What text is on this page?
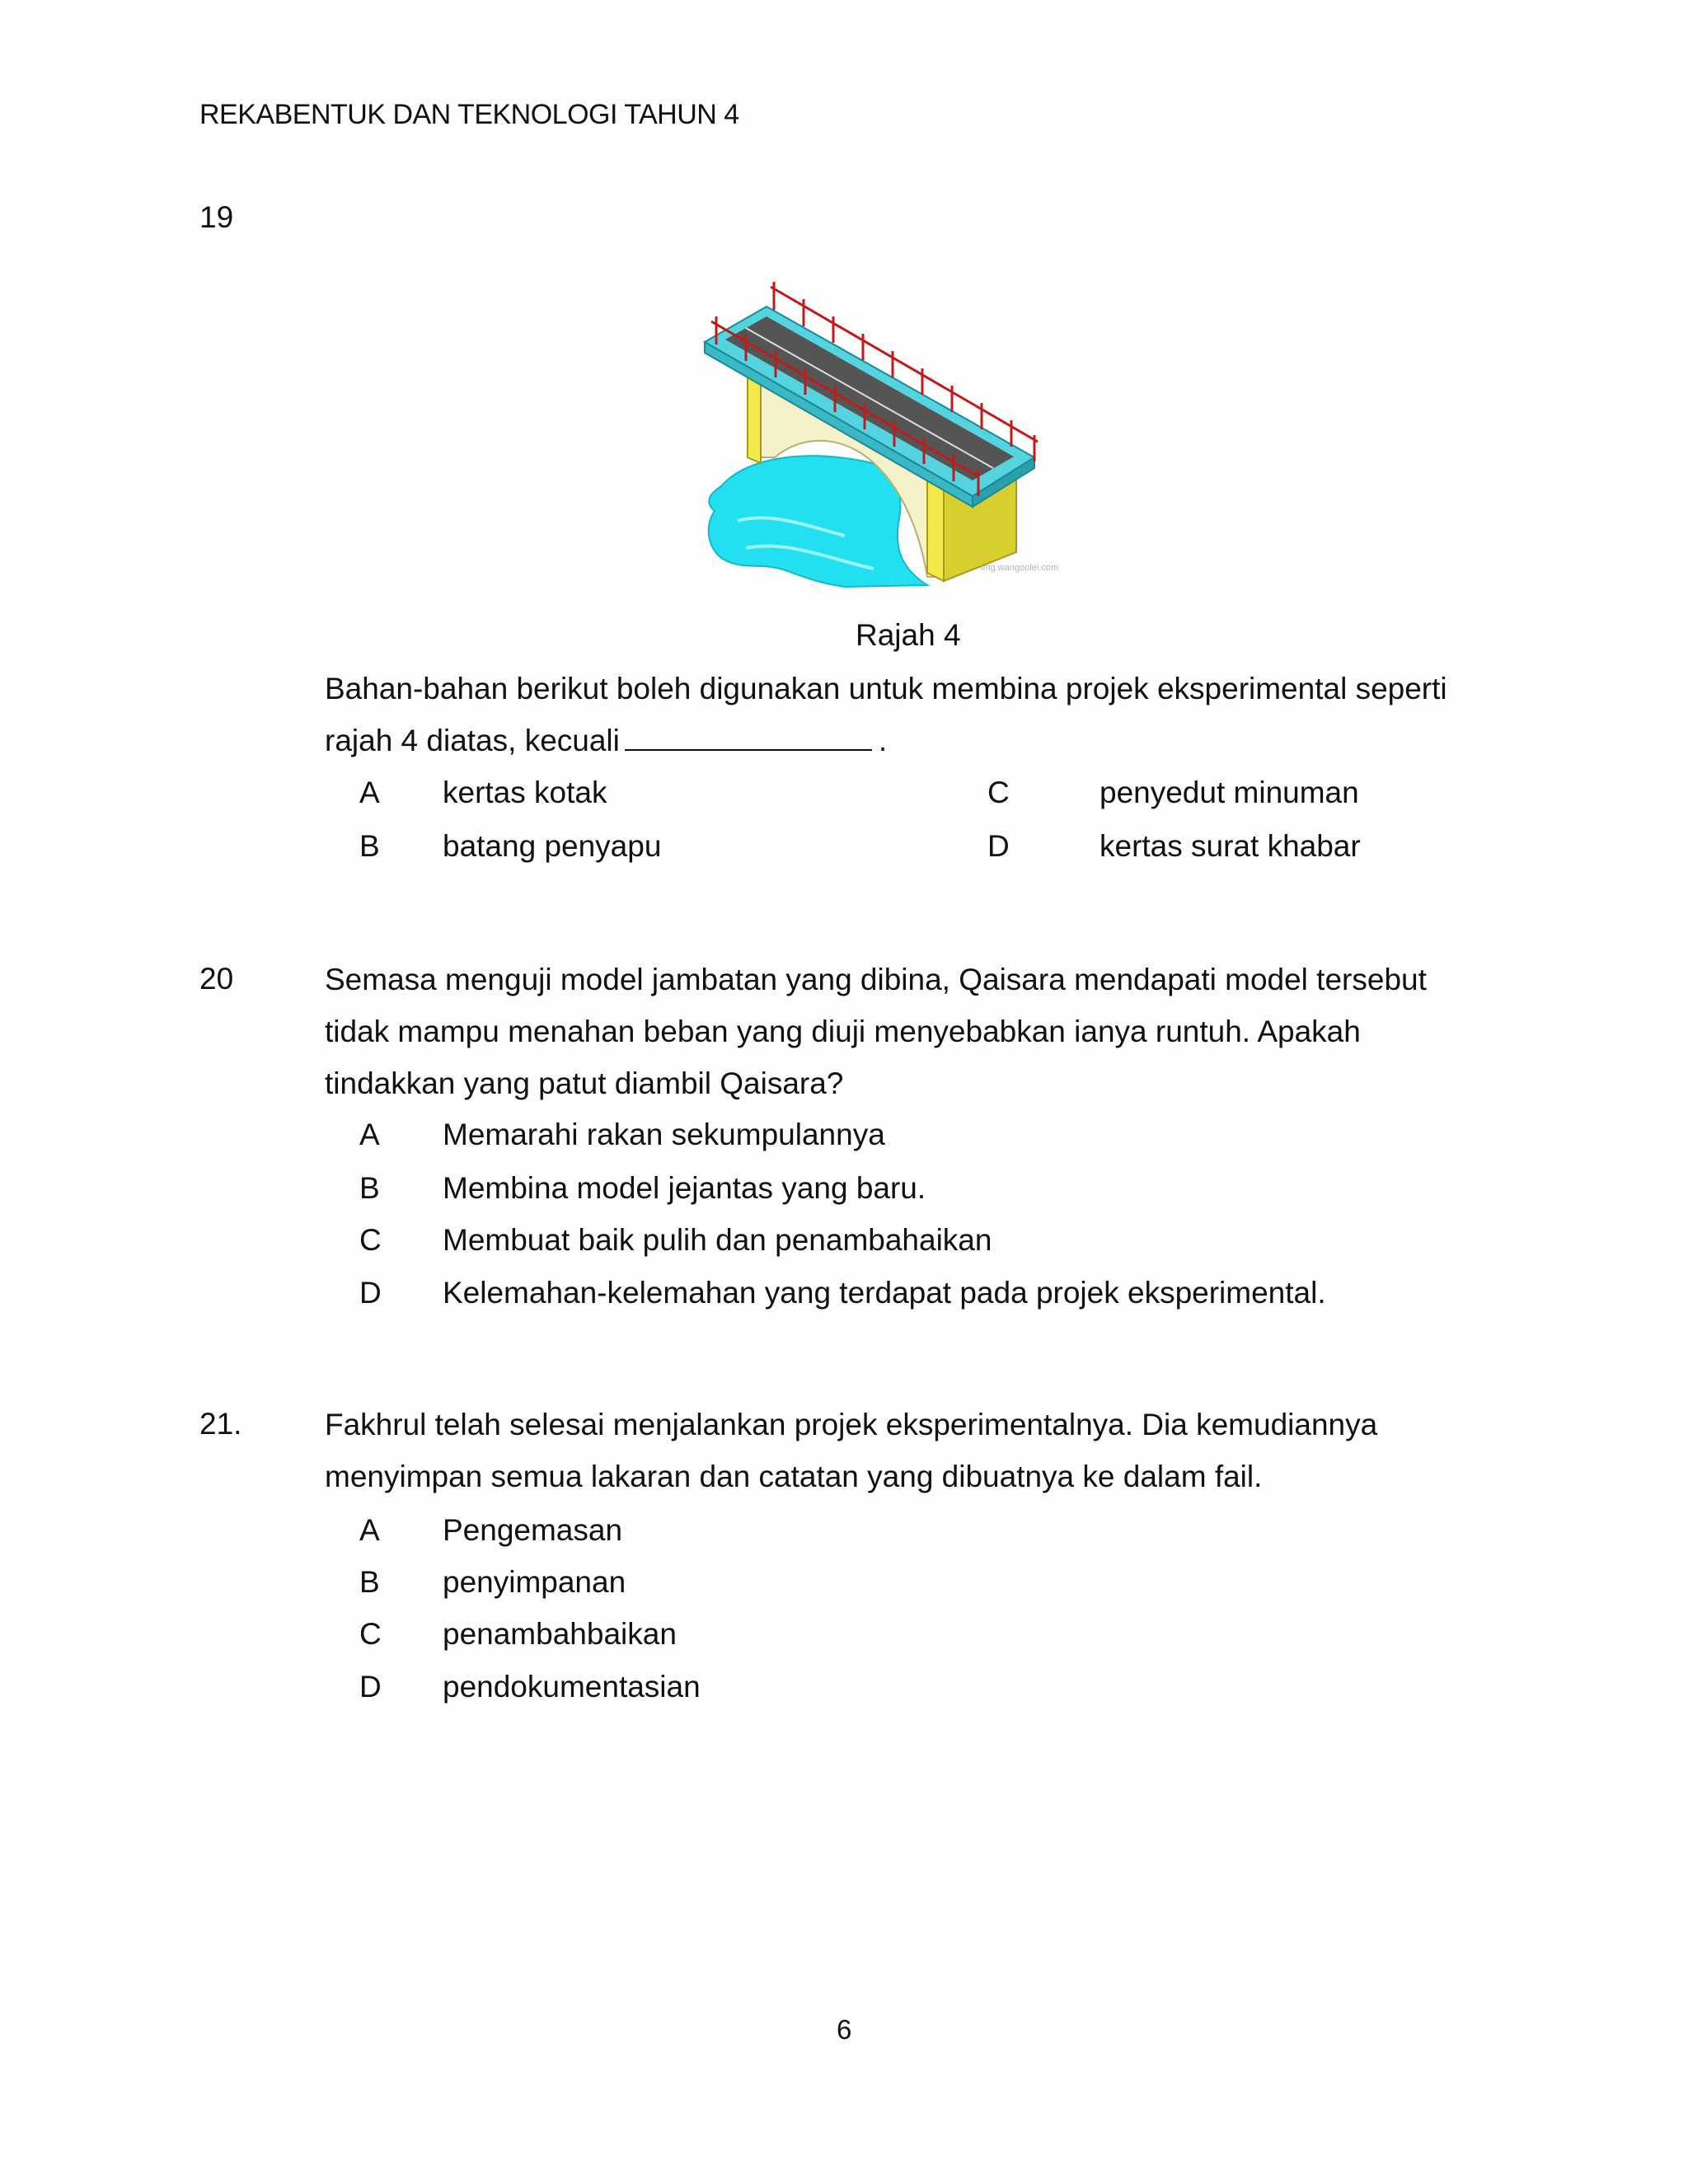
REKABENTUK DAN TEKNOLOGI TAHUN 4
19
img.wangoolei.com
Rajah 4
Bahan-bahan berikut boleh digunakan untuk membina projek eksperimental seperti
rajah 4 diatas, kecuali	.
A kertas kotak
B batang penyapu
C	penyedut minuman
D	kertas surat khabar
20	Semasa menguji model jambatan yang dibina, Qaisara mendapati model tersebut
tidak mampu menahan beban yang diuji menyebabkan ianya runtuh. Apakah
tindakkan yang patut diambil Qaisara?
A Memarahi rakan sekumpulannya
B Membina model jejantas yang baru.
C Membuat baik pulih dan penambahaikan
D Kelemahan-kelemahan yang terdapat pada projek eksperimental.
21.	Fakhrul telah selesai menjalankan projek eksperimentalnya. Dia kemudiannya
menyimpan semua lakaran dan catatan yang dibuatnya ke dalam fail.
A Pengemasan
B penyimpanan
C penambahbaikan
D pendokumentasian
6
